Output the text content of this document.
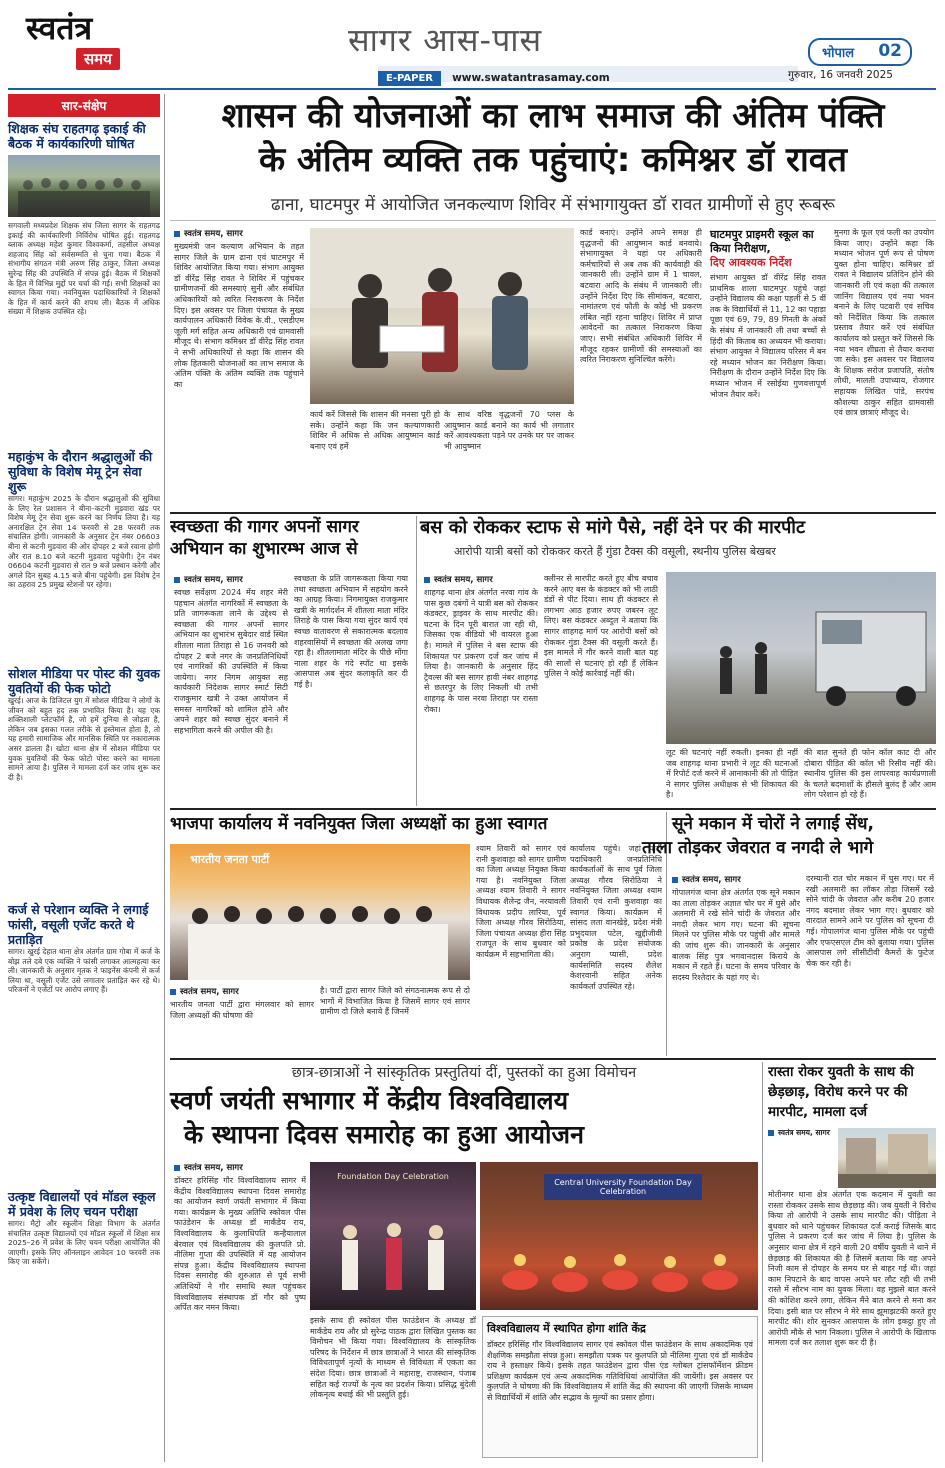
स्वतंत्र
समय	सागर आस-पास
E-PAPER www.swatantrasamay.com
भोपाल 02
गुरुवार, 16 जनवरी 2025
सार-संक्षेप
शिक्षक संघ राहतगढ़ इकाई की बैठक में कार्यकारिणी घोषित
सगवाली मध्यप्रदेश शिक्षक संघ जिला सागर के राहतगढ़ इकाई की कार्यकारिणी निर्विरोध घोषित हुई। राहतगढ़ ब्लाक अध्यक्ष महेश कुमार विश्वकर्मा, तहसील अध्यक्ष शहजाद सिंह को सर्वसम्मति से चुना गया। बैठक में संभागीय संगठन मंत्री अरुण सिंह ठाकुर, जिला अध्यक्ष सुरेन्द्र सिंह की उपस्थिति में संपन्न हुई। बैठक में शिक्षकों के हित में विभिन्न मुद्दों पर चर्चा की गई। सभी शिक्षकों का स्वागत किया गया। नवनियुक्त पदाधिकारियों ने शिक्षकों के हित में कार्य करने की शपथ ली। बैठक में अधिक संख्या में शिक्षक उपस्थित रहे।
महाकुंभ के दौरान श्रद्धालुओं की सुविधा के विशेष मेमू ट्रेन सेवा शुरू
सागर। महाकुंभ 2025 के दौरान श्रद्धालुओं की सुविधा के लिए रेल प्रशासन ने बीना–कटनी मुड़वारा खंड पर विशेष मेमू ट्रेन सेवा शुरू करने का निर्णय लिया है। यह अनारक्षित ट्रेन सेवा 14 फरवरी से 28 फरवरी तक संचालित होगी। जानकारी के अनुसार ट्रेन नंबर 06603 बीना से कटनी मुड़वारा की ओर दोपहर 2 बजे रवाना होगी और रात 8.10 बजे कटनी मुड़वारा पहुंचेगी। ट्रेन नंबर 06604 कटनी मुड़वारा से रात 9 बजे प्रस्थान करेगी और अगले दिन सुबह 4.15 बजे बीना पहुंचेगी। इस विशेष ट्रेन का ठहराव 25 प्रमुख स्टेशनों पर रहेगा।
सोशल मीडिया पर पोस्ट की युवक युवतियों की फेक फोटो
खुरई। आज के डिजिटल युग में सोशल मीडिया ने लोगों के जीवन को बहुत हद तक प्रभावित किया है। यह एक शक्तिशाली प्लेटफॉर्म है, जो हमें दुनिया से जोड़ता है, लेकिन जब इसका गलत तरीके से इस्तेमाल होता है, तो यह हमारी सामाजिक और मानसिक स्थिति पर नकारात्मक असर डालता है। खोटा थाना क्षेत्र में सोशल मीडिया पर युवक युवतियों की फेक फोटो पोस्ट करने का मामला सामने आया है। पुलिस ने मामला दर्ज कर जांच शुरू कर दी है।
कर्ज से परेशान व्यक्ति ने लगाई फांसी, वसूली एजेंट करते थे प्रताड़ित
सागर। खुरई देहात थाना क्षेत्र अंतर्गत ग्राम गोबा में कर्ज के बोझ तले दबे एक व्यक्ति ने फांसी लगाकर आत्महत्या कर ली। जानकारी के अनुसार मृतक ने फाइनेंस कंपनी से कर्ज लिया था, वसूली एजेंट उसे लगातार प्रताड़ित कर रहे थे। परिजनों ने एजेंटों पर आरोप लगाए हैं।
उत्कृष्ट विद्यालयों एवं मॉडल स्कूल में प्रवेश के लिए चयन परीक्षा
सागर। मैट्रो और स्कूलीन शिक्षा विभाग के अंतर्गत संचालित उत्कृष्ट विद्यालयों एवं मॉडल स्कूलों में शिक्षा सत्र 2025–26 में प्रवेश के लिए चयन परीक्षा आयोजित की जाएगी। इसके लिए ऑनलाइन आवेदन 10 फरवरी तक किए जा सकेंगे।
शासन की योजनाओं का लाभ समाज की अंतिम पंक्ति
के अंतिम व्यक्ति तक पहुंचाएं: कमिश्नर डॉ रावत
ढाना, घाटमपुर में आयोजित जनकल्याण शिविर में संभागायुक्त डॉ रावत ग्रामीणों से हुए रूबरू
स्वतंत्र समय, सागर
मुख्यमंत्री जन कल्याण अभियान के तहत सागर जिले के ग्राम ढाना एवं घाटमपुर में शिविर आयोजित किया गया। संभाग आयुक्त डॉ वीरेंद्र सिंह रावत ने शिविर में पहुंचकर ग्रामीणजनों की समस्याएं सुनी और संबंधित अधिकारियों को त्वरित निराकरण के निर्देश दिए। इस अवसर पर जिला पंचायत के मुख्य कार्यपालन अधिकारी विवेक के.वी., एसडीएम जूली मर्ग सहित अन्य अधिकारी एवं ग्रामवासी मौजूद थे। संभाग कमिश्नर डॉ वीरेंद्र सिंह रावत ने सभी अधिकारियों से कहा कि शासन की लोक हितकारी योजनाओं का लाभ समाज के अंतिम पंक्ति के अंतिम व्यक्ति तक पहुंचाने का
कार्य करें जिससे कि शासन की मनसा पूरी हो सके। उन्होंने कहा कि जन कल्याणकारी शिविर में अधिक से अधिक आयुष्मान कार्ड बनाए एवं हमें
के साथ वरिष्ठ वृद्धजनों 70 प्लस के आयुष्मान कार्ड बनाने का कार्य भी लगातार करें आवश्यकता पड़ने पर उनके घर पर जाकर भी आयुष्मान
कार्ड बनाएं। उन्होंने अपने समक्ष ही वृद्धजनों की आयुष्मान कार्ड बनवाये। संभागायुक्त ने यहां पर अधिकारी कर्मचारियों से अब तक की कार्यवाही की जानकारी ली। उन्होंने ग्राम में 1 चावल, बटवारा आदि के संबंध में जानकारी ली। उन्होंने निर्देश दिए कि सीमांकन, बटवारा, नामांतरण एवं फौती के कोई भी प्रकरण लंबित नहीं रहना चाहिए। शिविर में प्राप्त आवेदनों का तत्काल निराकरण किया जाए। सभी संबंधित अधिकारी शिविर में मौजूद रहकर ग्रामीणों की समस्याओं का त्वरित निराकरण सुनिश्चित करेंगे।
घाटमपुर प्राइमरी स्कूल का किया निरीक्षण,
दिए आवश्यक निर्देश
संभाग आयुक्त डॉ वीरेंद्र सिंह रावत प्राथमिक शाला घाटमपुर पहुंचे जहां उन्होंने विद्यालय की कक्षा पहली से 5 वीं तक के विद्यार्थियों से 11, 12 का पहाड़ा पूछा एवं 69, 79, 89 गिनती के अंकों के संबंध में जानकारी ली तथा बच्चों से हिंदी की किताब का अध्ययन भी कराया। संभाग आयुक्त ने विद्यालय परिसर में बन रहे मध्यान भोजन का निरीक्षण किया। निरीक्षण के दौरान उन्होंने निर्देश दिए कि मध्यान भोजन में रसोईया गुणवत्तापूर्ण भोजन तैयार करें।
मुनगा के फूल एवं फली का उपयोग किया जाए। उन्होंने कहा कि मध्यान भोजन पूर्ण रूप से पोषण युक्त होना चाहिए। कमिश्नर डॉ रावत ने विद्यालय प्रतिदिन होने की जानकारी ली एवं कक्षा की तत्काल जानिंग विद्यालय एवं नया भवन बनाने के लिए पटवारी एवं सचिव को निर्देशित किया कि तत्काल प्रस्ताव तैयार करें एवं संबंधित कार्यालय को प्रस्तुत करें जिससे कि नया भवन शीघ्रता से तैयार कराया जा सके। इस अवसर पर विद्यालय के शिक्षक सरोज प्रजापति, संतोष लोधी, मालती उपाध्याय, रोजगार सहायक लिखित पांडे, सरपंच कौशल्या ठाकुर सहित ग्रामवासी एवं छात्र छात्राएं मौजूद थे।
स्वच्छता की गागर अपनों सागर अभियान का शुभारम्भ आज से
स्वतंत्र समय, सागर
स्वच्छ सर्वेक्षण 2024 मेंय शहर मेरी पहचान अंतर्गत नागरिकों में स्वच्छता के प्रति जागरूकता लाने के उद्देश्य से स्वच्छता की गागर अपनों सागर अभियान का शुभारंभ सुबेदार वार्ड स्थित शीतला माता तिराहा से 16 जनवरी को दोपहर 2 बजे नगर के जनप्रतिनिधियों एवं नागरिकों की उपस्थिति में किया जायेगा। नगर निगम आयुक्त सह कार्यकारी निदेशक सागर स्मार्ट सिटी राजकुमार खत्री ने उक्त आयोजन में समस्त नागरिकों को शामिल होने और अपने शहर को स्वच्छ सुंदर बनाने में सहभागिता करने की अपील की है।
स्वच्छता के प्रति जागरूकता किया गया तथा स्वच्छता अभियान में सहयोग करने का आग्रह किया। निगमायुक्त राजकुमार खत्री के मार्गदर्शन में शीतला माता मंदिर तिराहे के पास किया गया सुंदर कार्य एवं स्वच्छ वातावरण से सकारात्मक बदलाव शहरवासियों में स्वच्छता की अलख जगा रहा है। शीतलामाता मंदिर के पीछे मोंगा नाला शहर के गंदे स्पॉट था इसके आसपास अब सुंदर कलाकृति कर दी गई है।
बस को रोककर स्टाफ से मांगे पैसे, नहीं देने पर की मारपीट
आरोपी यात्री बसों को रोककर करते हैं गुंडा टैक्स की वसूली, स्थनीय पुलिस बेखबर
स्वतंत्र समय, सागर
शाहगढ़ थाना क्षेत्र अंतर्गत नरवा गांव के पास कुछ दबंगों ने यात्री बस को रोककर कंडक्टर, ड्राइवर के साथ मारपीट की। घटना के दिन पूरी बारात जा रही थी, जिसका एक वीडियो भी वायरल हुआ है। मामले में पुलिस ने बस स्टाफ की शिकायत पर प्रकरण दर्ज कर जांच में लिया है। जानकारी के अनुसार हिंद ट्रैवल्स की बस सागर हावी नंबर शाहगढ़ से छतरपुर के लिए निकली थी तभी शाहगढ़ के पास नरवा तिराहा पर रास्ता रोका।
क्लीनर से मारपीट करते हुए बीच बचाव करने आए बस के कंडक्टर को भी लाठी डंडों से पीट दिया। साथ ही कंडक्टर से लगभग आठ हजार रुपए जबरन लूट लिए। बस कंडक्टर अब्दुल ने बताया कि सागर शाहगढ़ मार्ग पर आरोपी बसों को रोककर गुंडा टैक्स की वसूली करते हैं। इस मामले में गौर करने वाली बात यह की सालों से घटनाएं हो रही हैं लेकिन पुलिस ने कोई कार्रवाई नहीं की।
लूट की घटनाएं नहीं रुकती। इनका ही नहीं जब शाहगढ़ थाना प्रभारी ने लूट की घटनाओं में रिपोर्ट दर्ज करने में आनाकानी की तो पीड़ित ने सागर पुलिस अधीक्षक से भी शिकायत की है।
की बात सुनते ही फोन कॉल काट दी और दोबारा पीड़ित की कॉल भी रिसीव नहीं की। स्थानीय पुलिस की इस लापरवाह कार्यप्रणाली के चलते बदमाशों के हौसले बुलंद हैं और आम लोग परेशान हो रहे हैं।
भाजपा कार्यालय में नवनियुक्त जिला अध्यक्षों का हुआ स्वागत
भारतीय जनता पार्टी
स्वतंत्र समय, सागर
भारतीय जनता पार्टी द्वारा मंगलवार को सागर जिला अध्यक्षों की घोषणा की
है। पार्टी द्वारा सागर जिले को संगठनात्मक रूप से दो भागों में विभाजित किया है जिसमें सागर एवं सागर ग्रामीण दो जिले बनाये हैं जिनमें
श्याम तिवारी को सागर एवं रानी कुशवाहा को सागर ग्रामीण का जिला अध्यक्ष नियुक्त किया गया है। नवनियुक्त जिला अध्यक्ष श्याम तिवारी ने सागर विधायक शैलेन्द्र जैन, नरयावली विधायक प्रदीप लारिया, पूर्व जिला अध्यक्ष गौरव सिरोठिया, जिला पंचायत अध्यक्ष हीरा सिंह राजपूत के साथ बुधवार को कार्यक्रम में सहभागिता की।
कार्यालय पहुंचे। जहां पार्टी पदाधिकारी जनप्रतिनिधि कार्यकर्ताओं के साथ पूर्व जिला अध्यक्ष गौरव सिरोठिया ने नवनियुक्त जिला अध्यक्ष श्याम तिवारी एवं रानी कुशवाहा का स्वागत किया। कार्यक्रम में सांसद लता वानखेड़े, प्रदेश मंत्री प्रभुदयाल पटेल, खुद्दीजीवी प्रकोष्ठ के प्रदेश संयोजक अनुराग प्यासी, प्रदेश कार्यसमिति सदस्य शैलेश केशरवानी सहित अनेक कार्यकर्ता उपस्थित रहे।
सूने मकान में चोरों ने लगाई सेंध,
ताला तोड़कर जेवरात व नगदी ले भागे
स्वतंत्र समय, सागर
गोपालगंज थाना क्षेत्र अंतर्गत एक सूने मकान का ताला तोड़कर अज्ञात चोर घर में घुसे और अलमारी में रखे सोने चांदी के जेवरात और नगदी लेकर भाग गए। घटना की सूचना मिलने पर पुलिस मौके पर पहुंची और मामले की जांच शुरू की। जानकारी के अनुसार बालक सिंह पुत्र भगवानदास किराये के मकान में रहते हैं। घटना के समय परिवार के सदस्य रिश्तेदार के यहां गए थे।
दरम्यानी रात चोर मकान में घुस गए। घर में रखी अलमारी का लॉकर तोड़ा जिसमें रखे सोने चांदी के जेवरात और करीब 20 हजार नगद बदमाश लेकर भाग गए। बुधवार को वारदात सामने आने पर पुलिस को सूचना दी गई। गोपालगंज थाना पुलिस मौके पर पहुंची और एफएसएल टीम को बुलाया गया। पुलिस आसपास लगे सीसीटीवी कैमरों के फुटेज चेक कर रही है।
छात्र-छात्राओं ने सांस्कृतिक प्रस्तुतियां दीं, पुस्तकों का हुआ विमोचन
स्वर्ण जयंती सभागार में केंद्रीय विश्वविद्यालय
के स्थापना दिवस समारोह का हुआ आयोजन
स्वतंत्र समय, सागर
डॉक्टर हरिसिंह गौर विश्वविद्यालय सागर में केंद्रीय विश्वविद्यालय स्थापना दिवस समारोह का आयोजन स्वर्ण जयंती सभागार में किया गया। कार्यक्रम के मुख्य अतिथि स्कोवल पीस फाउंडेशन के अध्यक्ष डॉ मार्कंडेय राय, विश्वविद्यालय के कुलाधिपति कन्हैयालाल बेरवाल एवं विश्वविद्यालय की कुलपति प्रो. नीलिमा गुप्ता की उपस्थिति में यह आयोजन संपन्न हुआ। केंद्रीय विश्वविद्यालय स्थापना दिवस समारोह की शुरुआत से पूर्व सभी अतिथियों ने गौर समाधि स्थल पहुंचकर विश्वविद्यालय संस्थापक डॉ गौर को पुष्प अर्पित कर नमन किया।
Foundation Day Celebration
Central University Foundation Day Celebration
इसके साथ ही स्कोवल पीस फाउंडेशन के अध्यक्ष डॉ मार्कंडेय राय और प्रो सुरेन्द्र पाठक द्वारा लिखित पुस्तक का विमोचन भी किया गया। विश्वविद्यालय के सांस्कृतिक परिषद के निर्देशन में छात्र छात्राओं ने भारत की सांस्कृतिक विविधतापूर्ण नृत्यों के माध्यम से विविधता में एकता का संदेश दिया। छात्र छात्राओं ने महाराष्ट्र, राजस्थान, पंजाब सहित कई राज्यों के नृत्य का प्रदर्शन किया। प्रसिद्ध बुंदेली लोकनृत्य बधाई की भी प्रस्तुति हुई।
विश्वविद्यालय में स्थापित होगा शांति केंद्र
डॉक्टर हरिसिंह गौर विश्वविद्यालय सागर एवं स्कोवल पीस फाउंडेशन के साथ अकादमिक एवं शैक्षणिक समझौता संपन्न हुआ। समझौता पत्रक पर कुलपति प्रो नीलिमा गुप्ता एवं डॉ मार्कंडेय राय ने हस्ताक्षर किये। इसके तहत फाउंडेशन द्वारा पीस एंड ग्लोबल ट्रांसफॉर्मेशन फ्रीडम प्रशिक्षण कार्यक्रम एवं अन्य अकादमिक गतिविधियां आयोजित की जायेंगी। इस अवसर पर कुलपति ने घोषणा की कि विश्वविद्यालय में शांति केंद्र की स्थापना की जाएगी जिसके माध्यम से विद्यार्थियों में शांति और सद्भाव के मूल्यों का प्रसार होगा।
रास्ता रोकर युवती के साथ की छेड़छाड़, विरोध करने पर की मारपीट, मामला दर्ज
स्वतंत्र समय, सागर
मोतीनगर थाना क्षेत्र अंतर्गत एक कदमान में युवती का रास्ता रोककर उसके साथ छेड़छाड़ की। जब युवती ने विरोध किया तो आरोपी ने उसके साथ मारपीट की। पीड़िता ने बुधवार को थाने पहुंचकर शिकायत दर्ज कराई जिसके बाद पुलिस ने प्रकरण दर्ज कर जांच में लिया है। पुलिस के अनुसार थाना क्षेत्र में रहने वाली 20 वर्षीय युवती ने थाने में छेड़छाड़ की शिकायत की है जिसमें बताया कि वह अपने निजी काम से दोपहर के समय घर से बाहर गई थी। जहां काम निपटाने के बाद वापस अपने घर लौट रही थी तभी रास्ते में सौरभ नाम का युवक मिला। वह मुझसे बात करने की कोशिश करने लगा, लेकिन मैंने बात करने से मना कर दिया। इसी बात पर सौरभ ने मेरे साथ झूमाझटकी करते हुए मारपीट की। शोर सुनकर आसपास के लोग इकट्ठा हुए तो आरोपी मौके से भाग निकला। पुलिस ने आरोपी के खिलाफ मामला दर्ज कर तलाश शुरू कर दी है।
